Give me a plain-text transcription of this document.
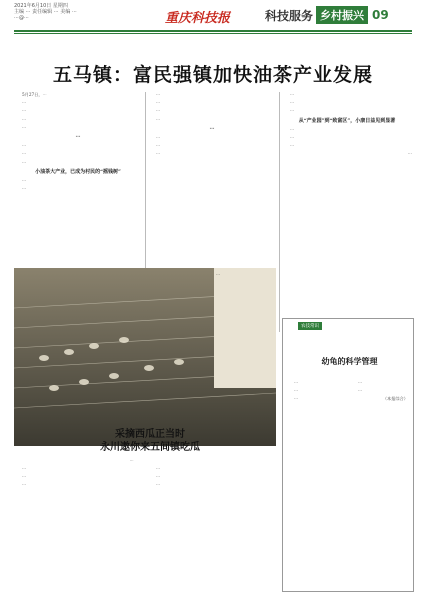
2021年6月10日 星期四
主编 ⋯ 责任编辑 ⋯ 美编 ⋯
⋯@⋯	重庆科技报	科技服务 乡村振兴 09
五马镇：富民强镇加快油茶产业发展

5月27日，⋯

⋯

⋯

⋯

⋯

⋯

⋯

⋯

⋯

小油茶大产业，已成为村民的“摇钱树”

⋯

⋯

⋯

⋯

⋯

⋯

⋯

⋯

⋯

⋯

⋯

⋯

⋯

从“产业园”到“致富区”，小康日益见到显著

⋯

⋯

⋯

⋯
⋯
农技常识
幼龟的科学管理

⋯

⋯

⋯

⋯

⋯

（本报综合）
采摘西瓜正当时
永川遨你来五间镇吃瓜
⋯

⋯

⋯

⋯

⋯

⋯

⋯
